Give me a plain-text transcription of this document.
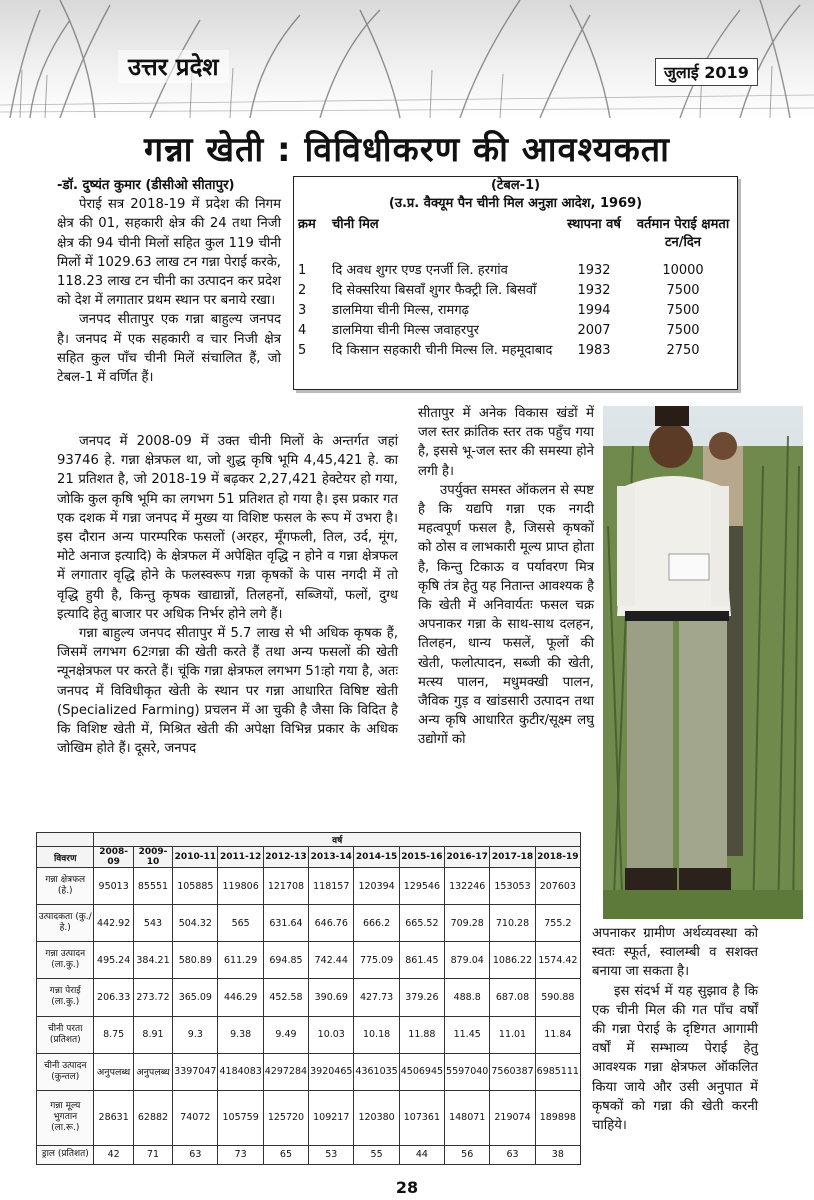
उत्तर प्रदेश	जुलाई 2019
गन्ना खेती : विविधीकरण की आवश्यकता

-डॉ. दुष्यंत कुमार (डीसीओ सीतापुर)

पेराई सत्र 2018-19 में प्रदेश की निगम क्षेत्र की 01, सहकारी क्षेत्र की 24 तथा निजी क्षेत्र की 94 चीनी मिलों सहित कुल 119 चीनी मिलों में 1029.63 लाख टन गन्ना पेराई करके, 118.23 लाख टन चीनी का उत्पादन कर प्रदेश को देश में लगातार प्रथम स्थान पर बनाये रखा।

जनपद सीतापुर एक गन्ना बाहुल्य जनपद है। जनपद में एक सहकारी व चार निजी क्षेत्र सहित कुल पाँच चीनी मिलें संचालित हैं, जो टेबल-1 में वर्णित हैं।

(टेबल-1)
(उ.प्र. वैक्यूम पैन चीनी मिल अनुज्ञा आदेश, 1969)
क्रम	चीनी मिल	स्थापना वर्ष	वर्तमान पेराई क्षमता टन/दिन

1	दि अवध शुगर एण्ड एनर्जी लि. हरगांव	1932	10000
2	दि सेक्सरिया बिसवाँ शुगर फैक्ट्री लि. बिसवाँ	1932	7500
3	डालमिया चीनी मिल्स, रामगढ़	1994	7500
4	डालमिया चीनी मिल्स जवाहरपुर	2007	7500
5	दि किसान सहकारी चीनी मिल्स लि. महमूदाबाद	1983	2750

जनपद में 2008-09 में उक्त चीनी मिलों के अन्तर्गत जहां 93746 हे. गन्ना क्षेत्रफल था, जो शुद्ध कृषि भूमि 4,45,421 हे. का 21 प्रतिशत है, जो 2018-19 में बढ़कर 2,27,421 हेक्टेयर हो गया, जोकि कुल कृषि भूमि का लगभग 51 प्रतिशत हो गया है। इस प्रकार गत एक दशक में गन्ना जनपद में मुख्य या विशिष्ट फसल के रूप में उभरा है। इस दौरान अन्य पारम्परिक फसलों (अरहर, मूँगफली, तिल, उर्द, मूंग, मोटे अनाज इत्यादि) के क्षेत्रफल में अपेक्षित वृद्धि न होने व गन्ना क्षेत्रफल में लगातार वृद्धि होने के फलस्वरूप गन्ना कृषकों के पास नगदी में तो वृद्धि हुयी है, किन्तु कृषक खाद्यान्नों, तिलहनों, सब्जियों, फलों, दुग्ध इत्यादि हेतु बाजार पर अधिक निर्भर होने लगे हैं।

गन्ना बाहुल्य जनपद सीतापुर में 5.7 लाख से भी अधिक कृषक हैं, जिसमें लगभग 62ःगन्ना की खेती करते हैं तथा अन्य फसलों की खेती न्यूनक्षेत्रफल पर करते हैं। चूंकि गन्ना क्षेत्रफल लगभग 51ःहो गया है, अतः जनपद में विविधीकृत खेती के स्थान पर गन्ना आधारित विषिष्ट खेती (Specialized Farming) प्रचलन में आ चुकी है जैसा कि विदित है कि विशिष्ट खेती में, मिश्रित खेती की अपेक्षा विभिन्न प्रकार के अधिक जोखिम होते हैं। दूसरे, जनपद

सीतापुर में अनेक विकास खंडों में जल स्तर क्रांतिक स्तर तक पहुँच गया है, इससे भू-जल स्तर की समस्या होने लगी है।

उपर्युक्त समस्त ऑकलन से स्पष्ट है कि यद्यपि गन्ना एक नगदी महत्वपूर्ण फसल है, जिससे कृषकों को ठोस व लाभकारी मूल्य प्राप्त होता है, किन्तु टिकाऊ व पर्यावरण मित्र कृषि तंत्र हेतु यह नितान्त आवश्यक है कि खेती में अनिवार्यतः फसल चक्र अपनाकर गन्ना के साथ-साथ दलहन, तिलहन, धान्य फसलें, फूलों की खेती, फलोत्पादन, सब्जी की खेती, मत्स्य पालन, मधुमक्खी पालन, जैविक गुड़ व खांडसारी उत्पादन तथा अन्य कृषि आधारित कुटीर/सूक्ष्म लघु उद्योगों को

अपनाकर ग्रामीण अर्थव्यवस्था को स्वतः स्फूर्त, स्वालम्बी व सशक्त बनाया जा सकता है।

इस संदर्भ में यह सुझाव है कि एक चीनी मिल की गत पाँच वर्षों की गन्ना पेराई के दृष्टिगत आगामी वर्षों में सम्भाव्य पेराई हेतु आवश्यक गन्ना क्षेत्रफल ऑकलित किया जाये और उसी अनुपात में कृषकों को गन्ना की खेती करनी चाहिये।

	वर्ष										
विवरण	2008-09	2009-10	2010-11	2011-12	2012-13	2013-14	2014-15	2015-16	2016-17	2017-18	2018-19
गन्ना क्षेत्रफल (हे.)	95013	85551	105885	119806	121708	118157	120394	129546	132246	153053	207603
उत्पादकता (कु./हे.)	442.92	543	504.32	565	631.64	646.76	666.2	665.52	709.28	710.28	755.2
गन्ना उत्पादन (ला.कु.)	495.24	384.21	580.89	611.29	694.85	742.44	775.09	861.45	879.04	1086.22	1574.42
गन्ना पेराई (ला.कु.)	206.33	273.72	365.09	446.29	452.58	390.69	427.73	379.26	488.8	687.08	590.88
चीनी परता (प्रतिशत)	8.75	8.91	9.3	9.38	9.49	10.03	10.18	11.88	11.45	11.01	11.84
चीनी उत्पादन (कुन्तल)	अनुपलब्ध	अनुपलब्ध	3397047	4184083	4297284	3920465	4361035	4506945	5597040	7560387	6985111
गन्ना मूल्य भुगतान (ला.रू.)	28631	62882	74072	105759	125720	109217	120380	107361	148071	219074	189898
ड्राल (प्रतिशत)	42	71	63	73	65	53	55	44	56	63	38
28
